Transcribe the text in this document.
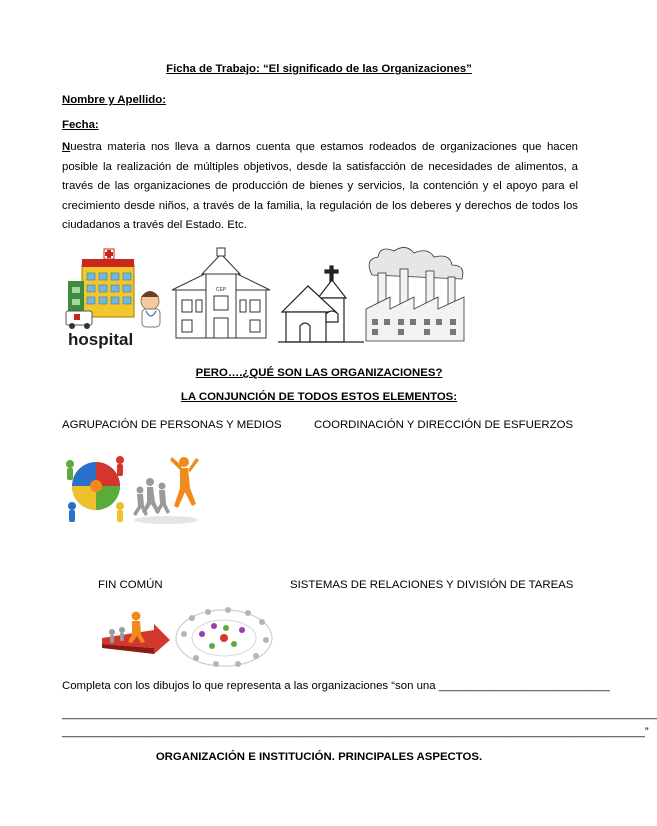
Ficha de Trabajo: “El significado de las Organizaciones”
Nombre y Apellido:
Fecha:
Nuestra materia nos lleva a darnos cuenta que estamos rodeados de organizaciones que hacen posible la realización de múltiples objetivos, desde la satisfacción de necesidades de alimentos, a través de las organizaciones de producción de bienes y servicios, la contención y el apoyo para el crecimiento desde niños, a través de la familia, la regulación de los deberes y derechos de todos los ciudadanos a través del Estado. Etc.
hospital
CEP
PERO….¿QUÉ SON LAS ORGANIZACIONES?
LA CONJUNCIÓN DE TODOS ESTOS ELEMENTOS:
AGRUPACIÓN DE PERSONAS Y MEDIOS	COORDINACIÓN Y DIRECCIÓN DE ESFUERZOS
FIN COMÚN	SISTEMAS DE RELACIONES Y DIVISIÓN DE TAREAS
Completa con los dibujos lo que representa a las organizaciones “son una ___________________________
______________________________________________________________________________________________
____________________________________________________________________________________________”
ORGANIZACIÓN E INSTITUCIÓN. PRINCIPALES ASPECTOS.
